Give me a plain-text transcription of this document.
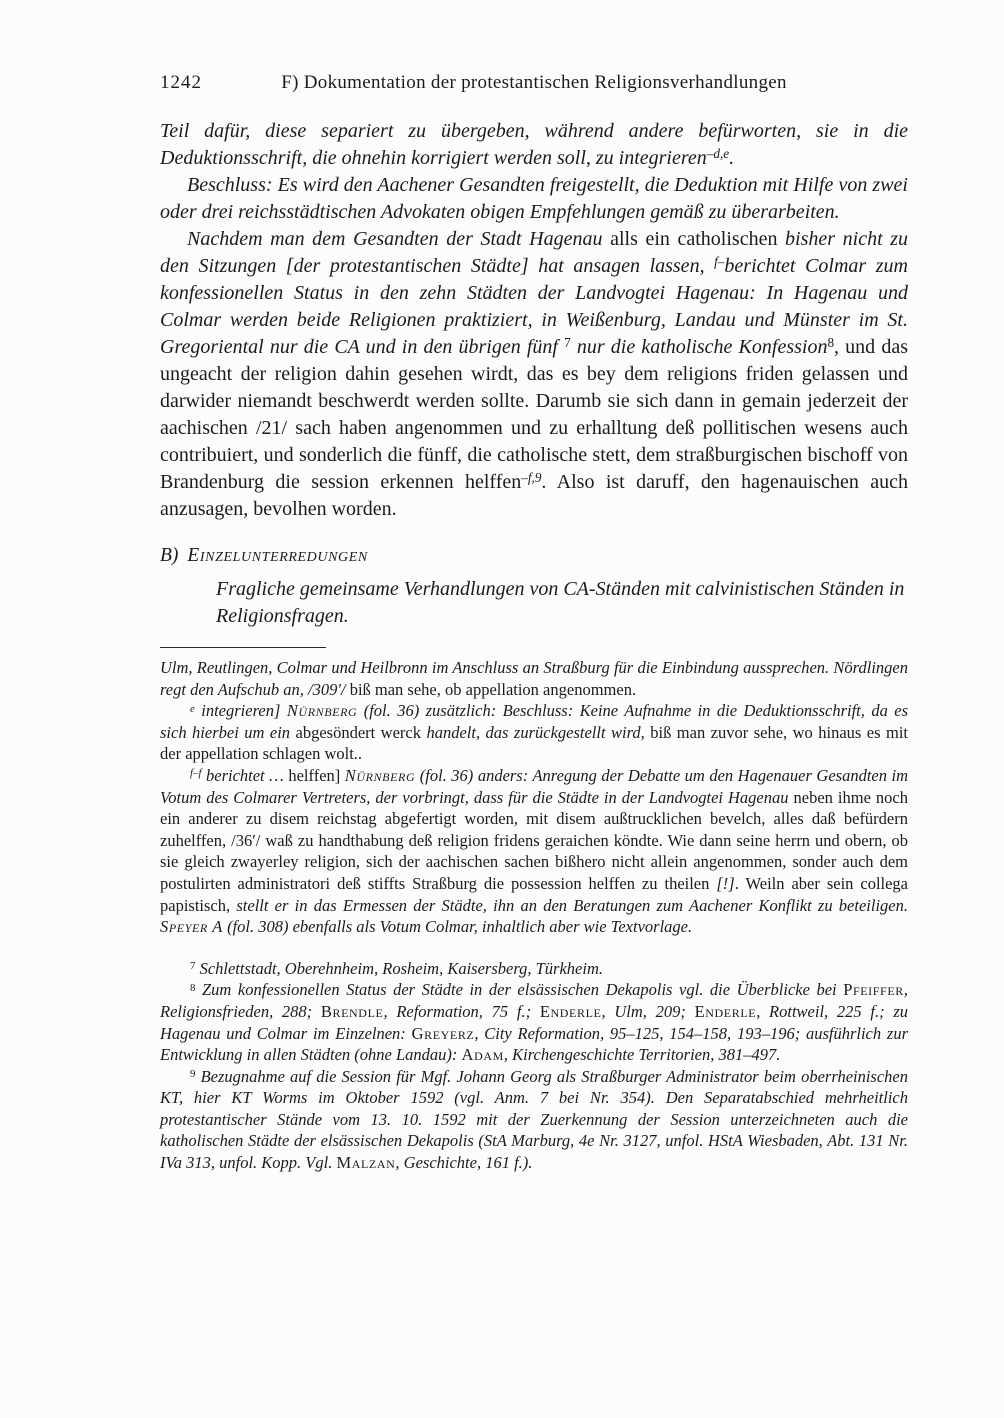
1242	F) Dokumentation der protestantischen Religionsverhandlungen

Teil dafür, diese separiert zu übergeben, während andere befürworten, sie in die Deduktionsschrift, die ohnehin korrigiert werden soll, zu integrieren$^{-d,e}$.

Beschluss: Es wird den Aachener Gesandten freigestellt, die Deduktion mit Hilfe von zwei oder drei reichsstädtischen Advokaten obigen Empfehlungen gemäß zu überarbeiten.

Nachdem man dem Gesandten der Stadt Hagenau alls ein catholischen bisher nicht zu den Sitzungen [der protestantischen Städte] hat ansagen lassen, $^{f-}$berichtet Colmar zum konfessionellen Status in den zehn Städten der Landvogtei Hagenau: In Hagenau und Colmar werden beide Religionen praktiziert, in Weißenburg, Landau und Münster im St. Gregoriental nur die CA und in den übrigen fünf $^7$ nur die katholische Konfession$^8$, und das ungeacht der religion dahin gesehen wirdt, das es bey dem religions friden gelassen und darwider niemandt beschwerdt werden sollte. Darumb sie sich dann in gemain jederzeit der aachischen /21/ sach haben angenommen und zu erhalltung deß pollitischen wesens auch contribuiert, und sonderlich die fünff, die catholische stett, dem straßburgischen bischoff von Brandenburg die session erkennen helffen$^{-f,9}$. Also ist daruff, den hagenauischen auch anzusagen, bevolhen worden.

B) Einzelunterredungen

Fragliche gemeinsame Verhandlungen von CA-Ständen mit calvinistischen Ständen in Religionsfragen.

Ulm, Reutlingen, Colmar und Heilbronn im Anschluss an Straßburg für die Einbindung aussprechen. Nördlingen regt den Aufschub an, /309′/ biß man sehe, ob appellation angenommen.

$^e$ integrieren] Nürnberg (fol. 36) zusätzlich: Beschluss: Keine Aufnahme in die Deduktionsschrift, da es sich hierbei um ein abgesöndert werck handelt, das zurückgestellt wird, biß man zuvor sehe, wo hinaus es mit der appellation schlagen wolt..

$^{f-f}$ berichtet … helffen] Nürnberg (fol. 36) anders: Anregung der Debatte um den Hagenauer Gesandten im Votum des Colmarer Vertreters, der vorbringt, dass für die Städte in der Landvogtei Hagenau neben ihme noch ein anderer zu disem reichstag abgefertigt worden, mit disem außtrucklichen bevelch, alles daß befürdern zuhelffen, /36′/ waß zu handthabung deß religion fridens geraichen köndte. Wie dann seine herrn und obern, ob sie gleich zwayerley religion, sich der aachischen sachen bißhero nicht allein angenommen, sonder auch dem postulirten administratori deß stiffts Straßburg die possession helffen zu theilen [!]. Weiln aber sein collega papistisch, stellt er in das Ermessen der Städte, ihn an den Beratungen zum Aachener Konflikt zu beteiligen. Speyer A (fol. 308) ebenfalls als Votum Colmar, inhaltlich aber wie Textvorlage.

$^7$ Schlettstadt, Oberehnheim, Rosheim, Kaisersberg, Türkheim.

$^8$ Zum konfessionellen Status der Städte in der elsässischen Dekapolis vgl. die Überblicke bei Pfeiffer, Religionsfrieden, 288; Brendle, Reformation, 75 f.; Enderle, Ulm, 209; Enderle, Rottweil, 225 f.; zu Hagenau und Colmar im Einzelnen: Greyerz, City Reformation, 95–125, 154–158, 193–196; ausführlich zur Entwicklung in allen Städten (ohne Landau): Adam, Kirchengeschichte Territorien, 381–497.

$^9$ Bezugnahme auf die Session für Mgf. Johann Georg als Straßburger Administrator beim oberrheinischen KT, hier KT Worms im Oktober 1592 (vgl. Anm. 7 bei Nr. 354). Den Separatabschied mehrheitlich protestantischer Stände vom 13. 10. 1592 mit der Zuerkennung der Session unterzeichneten auch die katholischen Städte der elsässischen Dekapolis (StA Marburg, 4e Nr. 3127, unfol. HStA Wiesbaden, Abt. 131 Nr. IVa 313, unfol. Kopp. Vgl. Malzan, Geschichte, 161 f.).
